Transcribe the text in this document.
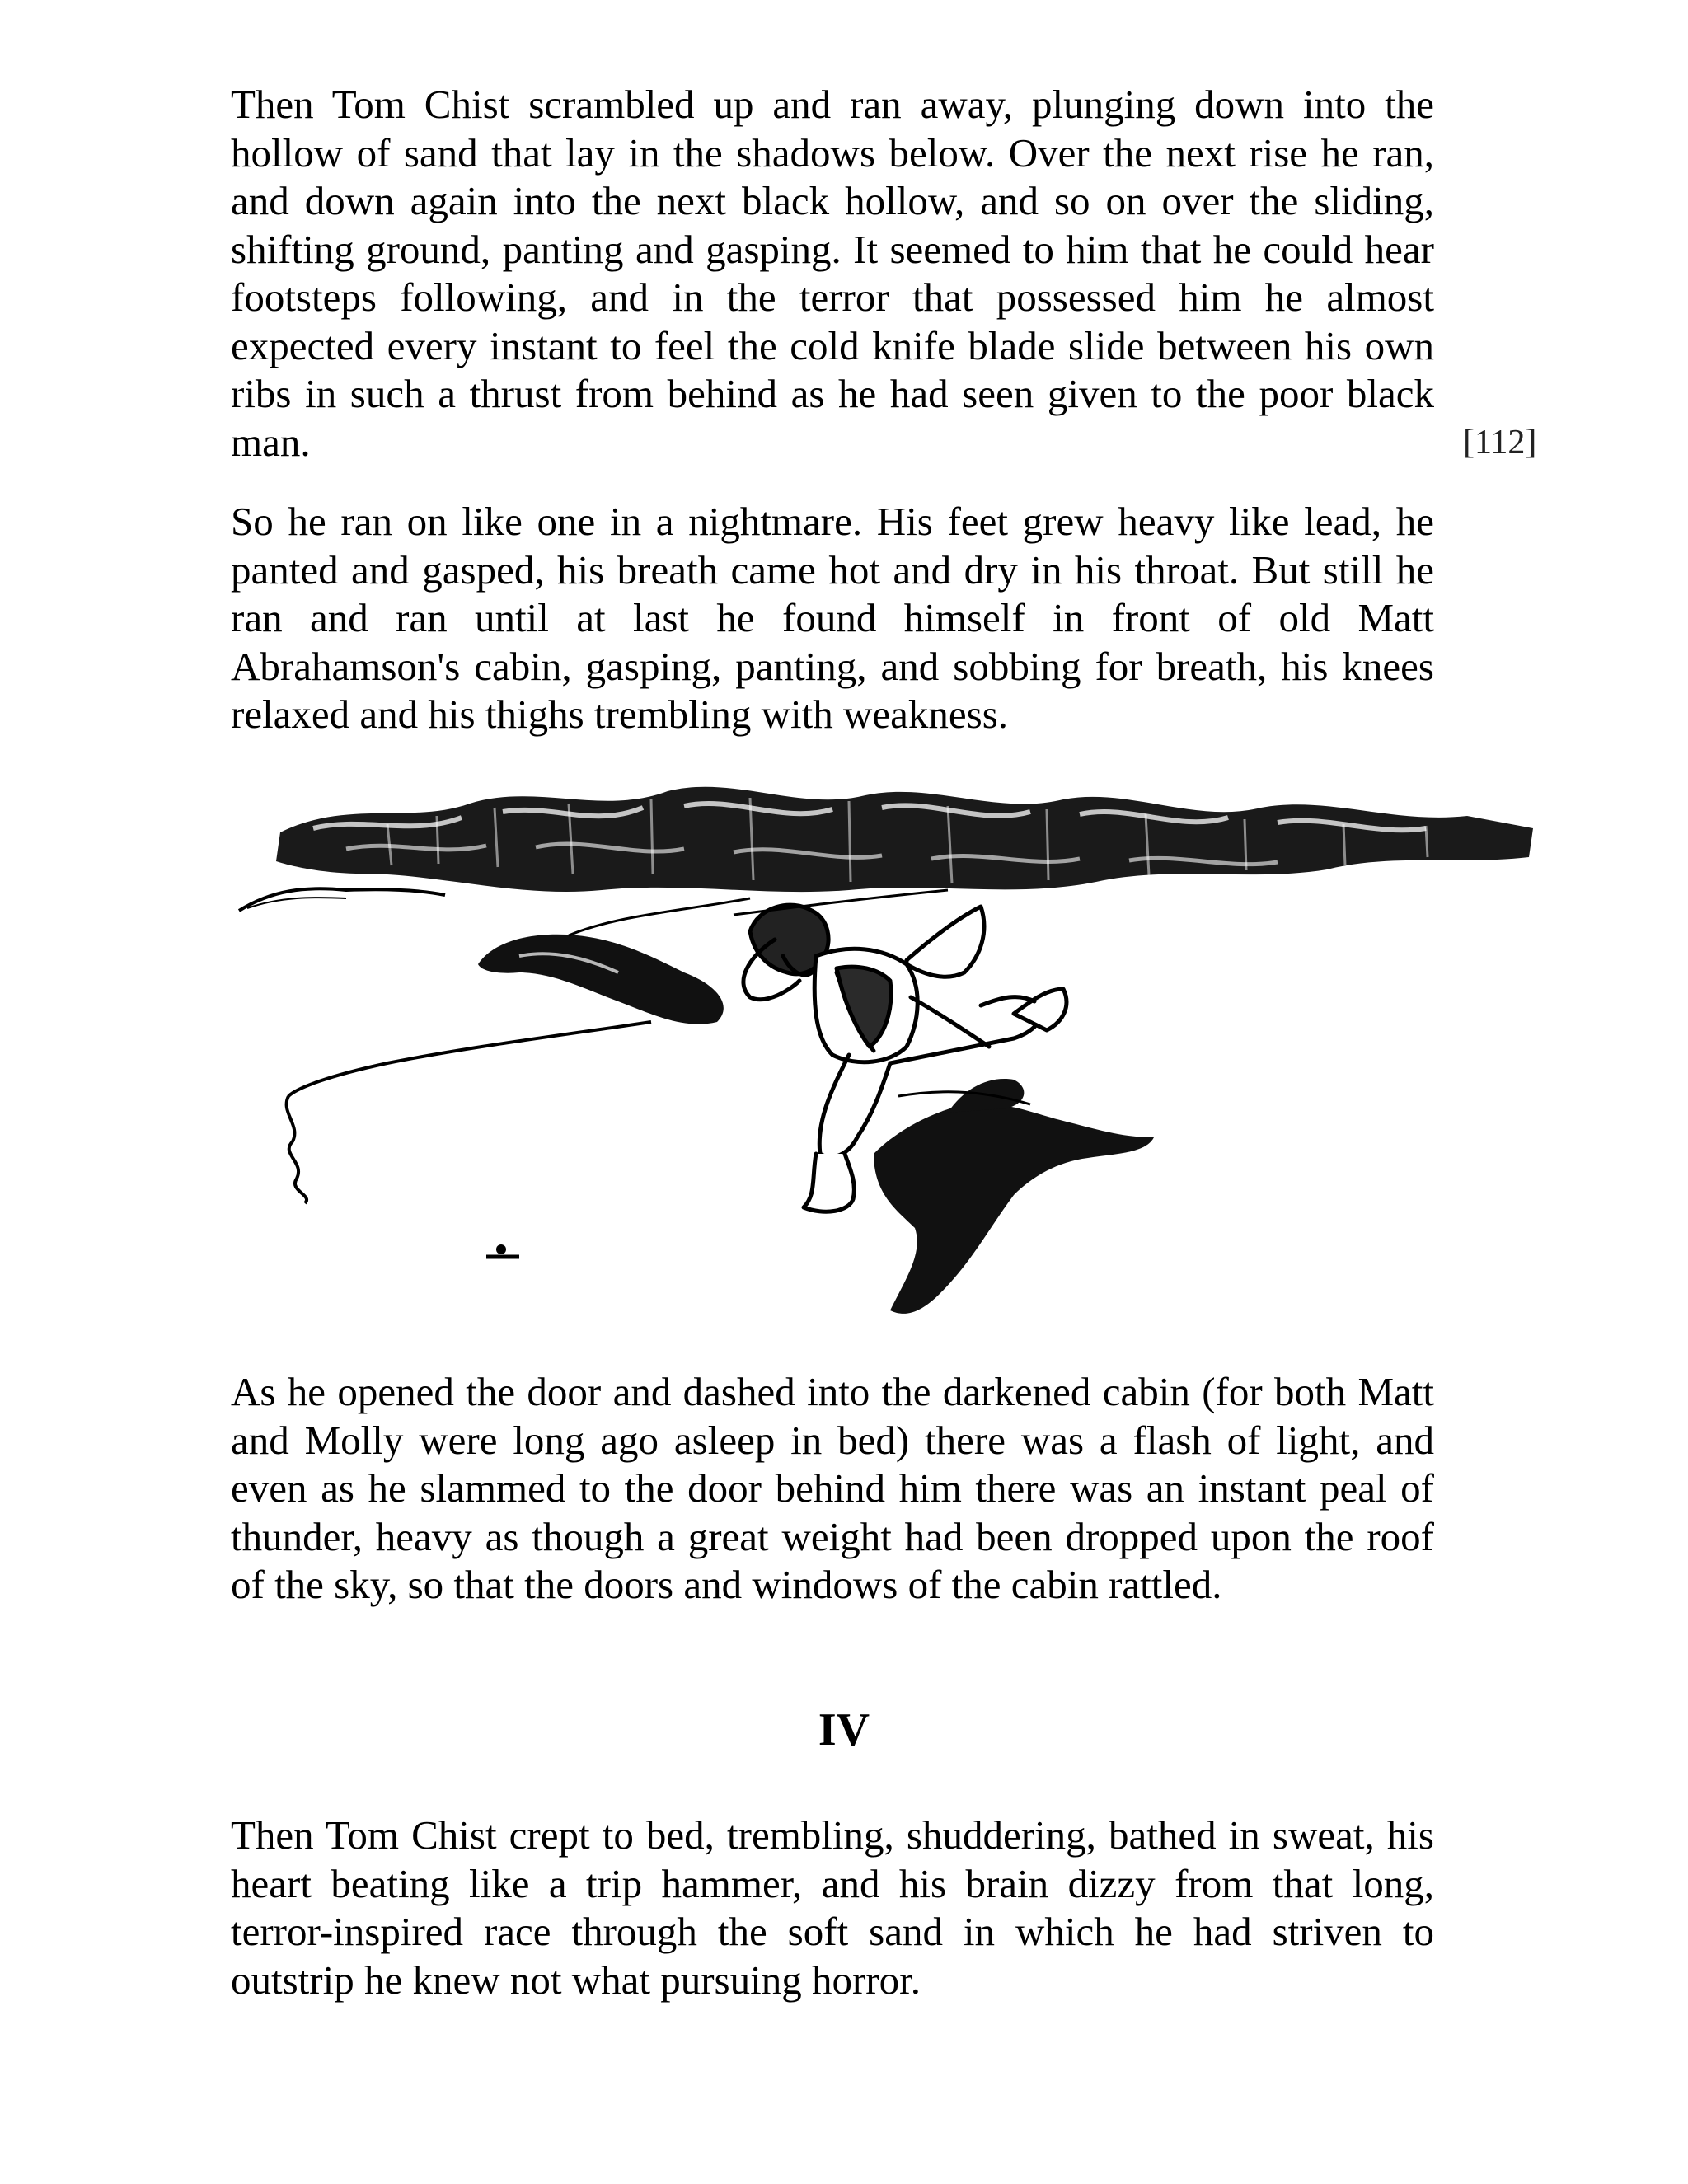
Then Tom Chist scrambled up and ran away, plunging down into the hollow of sand that lay in the shadows below. Over the next rise he ran, and down again into the next black hollow, and so on over the sliding, shifting ground, panting and gasping. It seemed to him that he could hear footsteps following, and in the terror that possessed him he almost expected every instant to feel the cold knife blade slide between his own ribs in such a thrust from behind as he had seen given to the poor black man.	[112]

So he ran on like one in a nightmare. His feet grew heavy like lead, he panted and gasped, his breath came hot and dry in his throat. But still he ran and ran until at last he found himself in front of old Matt Abrahamson's cabin, gasping, panting, and sobbing for breath, his knees relaxed and his thighs trembling with weakness.

As he opened the door and dashed into the darkened cabin (for both Matt and Molly were long ago asleep in bed) there was a flash of light, and even as he slammed to the door behind him there was an instant peal of thunder, heavy as though a great weight had been dropped upon the roof of the sky, so that the doors and windows of the cabin rattled.

IV

Then Tom Chist crept to bed, trembling, shuddering, bathed in sweat, his heart beating like a trip hammer, and his brain dizzy from that long, terror-inspired race through the soft sand in which he had striven to outstrip he knew not what pursuing horror.
